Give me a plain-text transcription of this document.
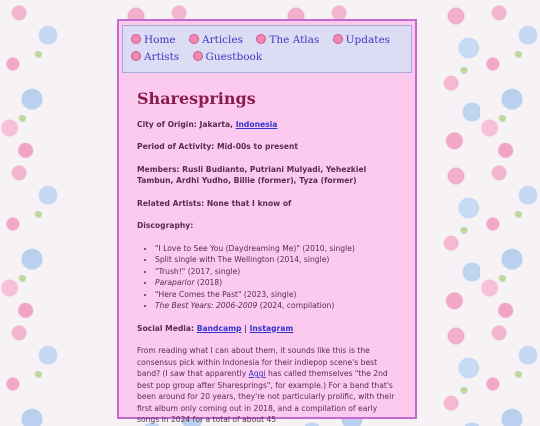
Home	Articles	The Atlas	Updates
Artists	Guestbook
Sharesprings

City of Origin: Jakarta, Indonesia

Period of Activity: Mid-00s to present

Members: Rusli Budianto, Putriani Mulyadi, Yehezkiel Tambun, Ardhi Yudho, Billie (former), Tyza (former)

Related Artists: None that I know of

Discography:

• "I Love to See You (Daydreaming Me)" (2010, single)
• Split single with The Wellington (2014, single)
• "Trush!" (2017, single)
• Paraparlor (2018)
• "Here Comes the Past" (2023, single)
• The Best Years: 2006-2009 (2024, compilation)

Social Media: Bandcamp | Instagram

From reading what I can about them, it sounds like this is the consensus pick within Indonesia for their indiepop scene's best band? (I saw that apparently Aggi has called themselves "the 2nd best pop group after Sharesprings", for example.) For a band that's been around for 20 years, they're not particularly prolific, with their first album only coming out in 2018, and a compilation of early songs in 2024 for a total of about 45
